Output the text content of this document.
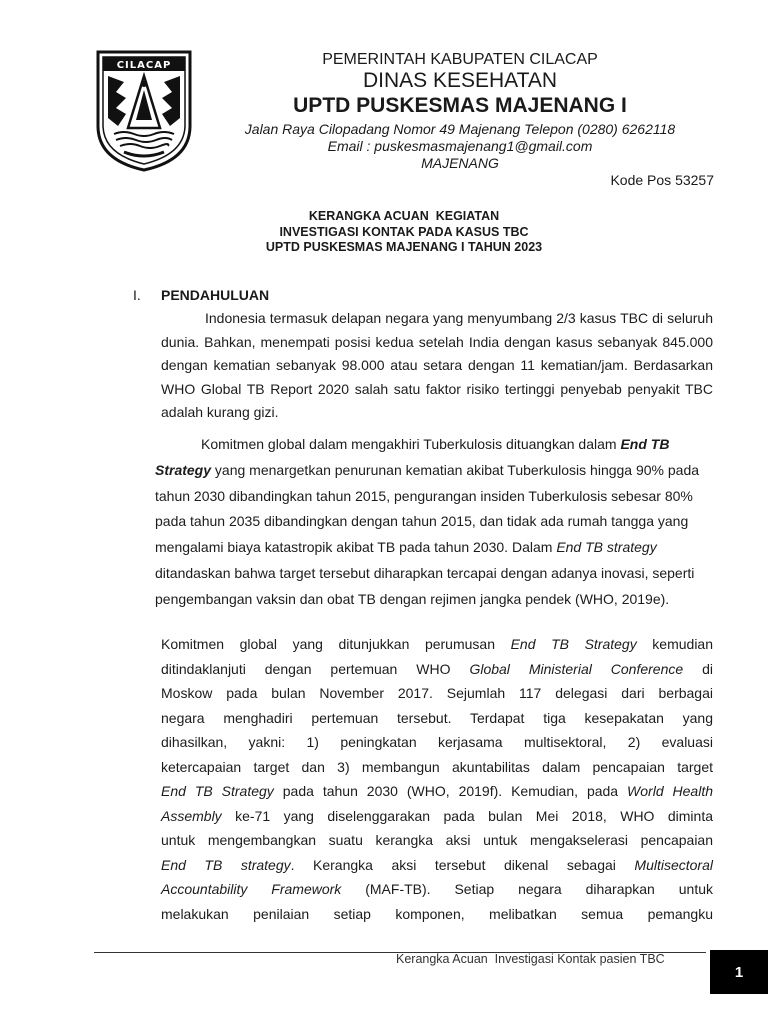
CILACAP	PEMERINTAH KABUPATEN CILACAP
DINAS KESEHATAN
UPTD PUSKESMAS MAJENANG I
Jalan Raya Cilopadang Nomor 49 Majenang Telepon (0280) 6262118
Email : puskesmasmajenang1@gmail.com
MAJENANG
Kode Pos 53257
KERANGKA ACUAN  KEGIATAN
INVESTIGASI KONTAK PADA KASUS TBC
UPTD PUSKESMAS MAJENANG I TAHUN 2023
I. PENDAHULUAN
Indonesia termasuk delapan negara yang menyumbang 2/3 kasus TBC di seluruh dunia. Bahkan, menempati posisi kedua setelah India dengan kasus sebanyak 845.000 dengan kematian sebanyak 98.000 atau setara dengan 11 kematian/jam. Berdasarkan WHO Global TB Report 2020 salah satu faktor risiko tertinggi penyebab penyakit TBC adalah kurang gizi.
Komitmen global dalam mengakhiri Tuberkulosis dituangkan dalam End TB Strategy yang menargetkan penurunan kematian akibat Tuberkulosis hingga 90% pada tahun 2030 dibandingkan tahun 2015, pengurangan insiden Tuberkulosis sebesar 80% pada tahun 2035 dibandingkan dengan tahun 2015, dan tidak ada rumah tangga yang mengalami biaya katastropik akibat TB pada tahun 2030. Dalam End TB strategy ditandaskan bahwa target tersebut diharapkan tercapai dengan adanya inovasi, seperti pengembangan vaksin dan obat TB dengan rejimen jangka pendek (WHO, 2019e).
Komitmen global yang ditunjukkan perumusan End TB Strategy kemudian
ditindaklanjuti dengan pertemuan WHO Global Ministerial Conference di
Moskow pada bulan November 2017. Sejumlah 117 delegasi dari berbagai
negara menghadiri pertemuan tersebut. Terdapat tiga kesepakatan yang
dihasilkan, yakni: 1) peningkatan kerjasama multisektoral, 2) evaluasi
ketercapaian target dan 3) membangun akuntabilitas dalam pencapaian target
End TB Strategy pada tahun 2030 (WHO, 2019f). Kemudian, pada World Health
Assembly ke-71 yang diselenggarakan pada bulan Mei 2018, WHO diminta
untuk mengembangkan suatu kerangka aksi untuk mengakselerasi pencapaian
End TB strategy. Kerangka aksi tersebut dikenal sebagai Multisectoral
Accountability Framework (MAF-TB). Setiap negara diharapkan untuk
melakukan penilaian setiap komponen, melibatkan semua pemangku
Kerangka Acuan  Investigasi Kontak pasien TBC
1
